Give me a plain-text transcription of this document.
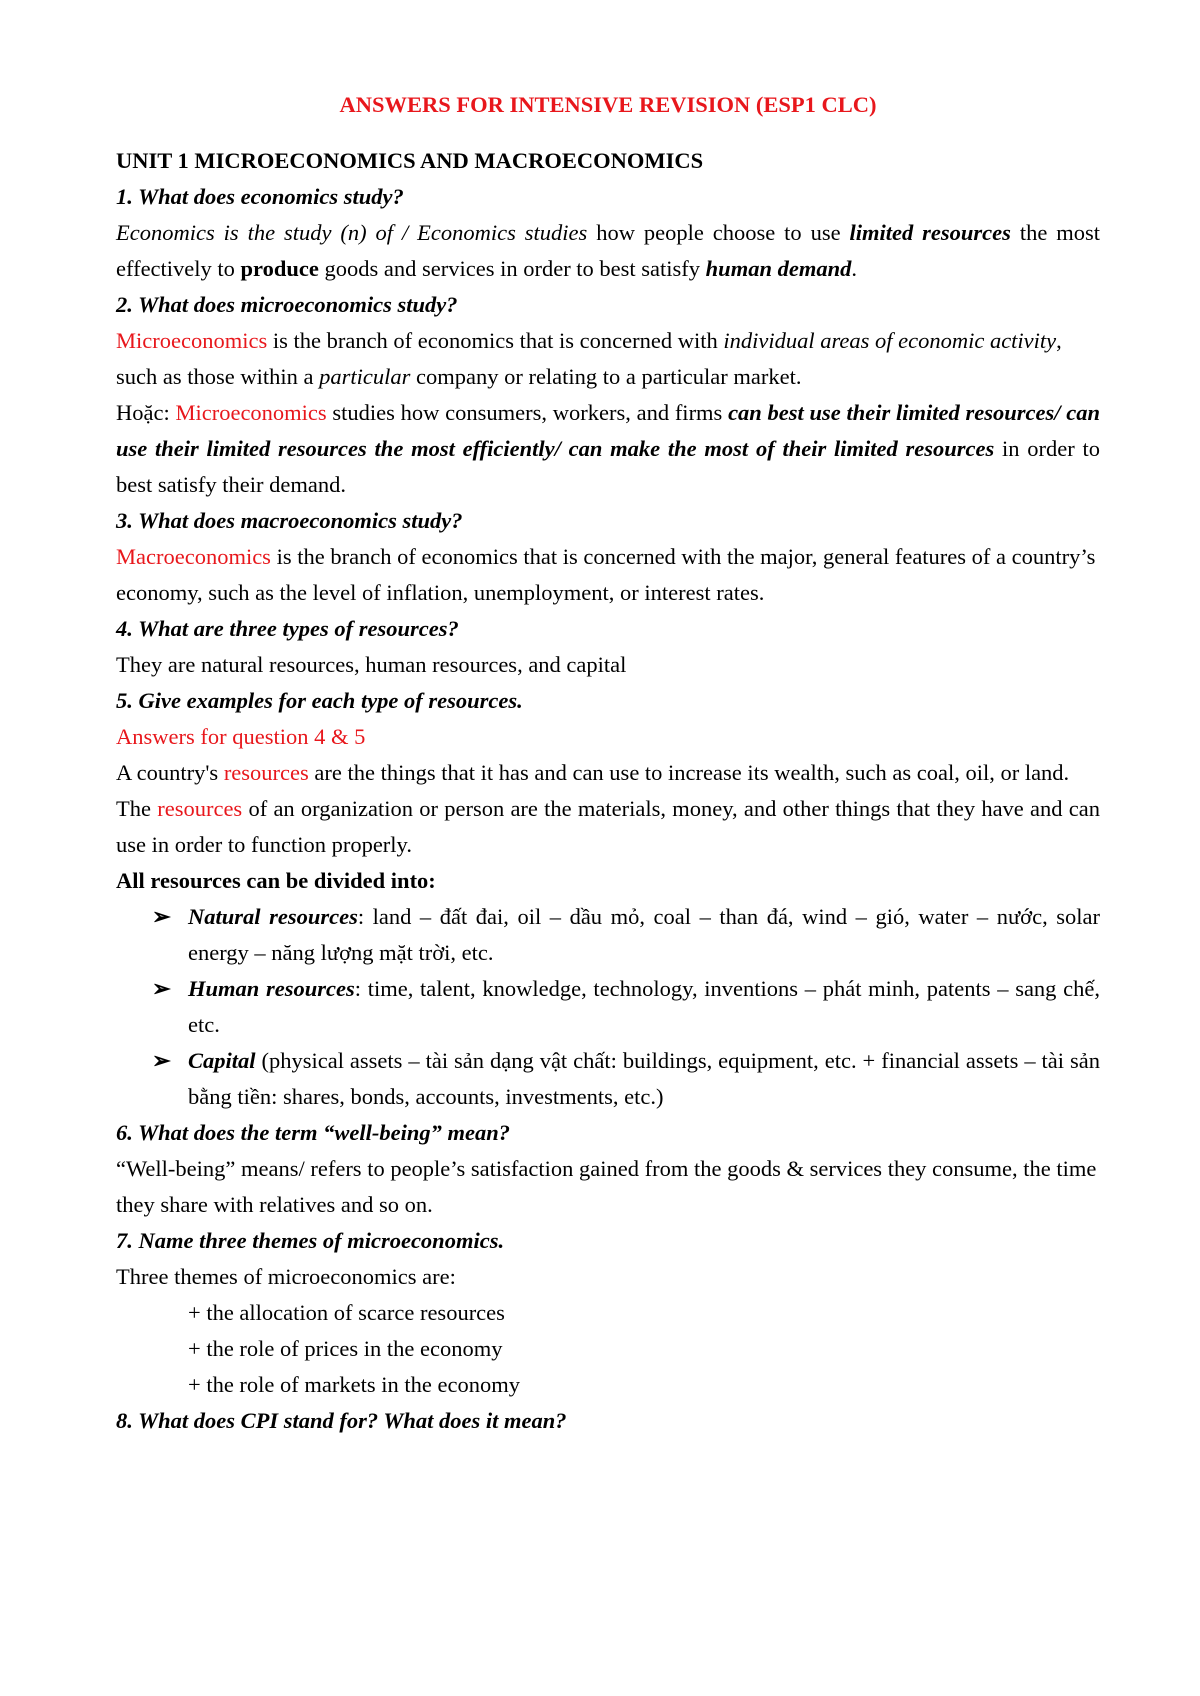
ANSWERS FOR INTENSIVE REVISION (ESP1 CLC)

UNIT 1 MICROECONOMICS AND MACROECONOMICS

1. What does economics study?

Economics is the study (n) of / Economics studies how people choose to use limited resources the most effectively to produce goods and services in order to best satisfy human demand.

2. What does microeconomics study?

Microeconomics is the branch of economics that is concerned with individual areas of economic activity, such as those within a particular company or relating to a particular market.

Hoặc: Microeconomics studies how consumers, workers, and firms can best use their limited resources/ can use their limited resources the most efficiently/ can make the most of their limited resources in order to best satisfy their demand.

3. What does macroeconomics study?

Macroeconomics is the branch of economics that is concerned with the major, general features of a country’s economy, such as the level of inflation, unemployment, or interest rates.

4. What are three types of resources?

They are natural resources, human resources, and capital

5. Give examples for each type of resources.

Answers for question 4 & 5

A country's resources are the things that it has and can use to increase its wealth, such as coal, oil, or land.

The resources of an organization or person are the materials, money, and other things that they have and can use in order to function properly.

All resources can be divided into:

➢ Natural resources: land – đất đai, oil – dầu mỏ, coal – than đá, wind – gió, water – nước, solar energy – năng lượng mặt trời, etc.
➢ Human resources: time, talent, knowledge, technology, inventions – phát minh, patents – sang chế, etc.
➢ Capital (physical assets – tài sản dạng vật chất: buildings, equipment, etc. + financial assets – tài sản bằng tiền: shares, bonds, accounts, investments, etc.)

6. What does the term “well-being” mean?

“Well-being” means/ refers to people’s satisfaction gained from the goods & services they consume, the time they share with relatives and so on.

7. Name three themes of microeconomics.

Three themes of microeconomics are:

+ the allocation of scarce resources

+ the role of prices in the economy

+ the role of markets in the economy

8. What does CPI stand for? What does it mean?
